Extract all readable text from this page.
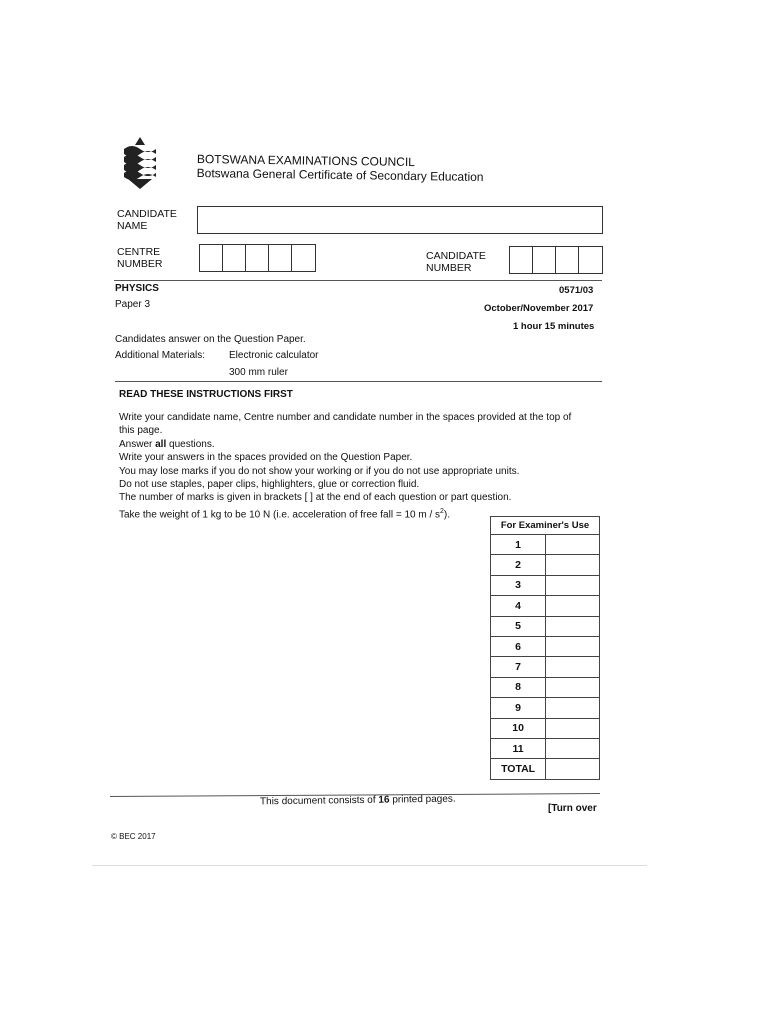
BOTSWANA EXAMINATIONS COUNCIL
Botswana General Certificate of Secondary Education
CANDIDATE
NAME
CENTRE
NUMBER
CANDIDATE
NUMBER
PHYSICS	0571/03
Paper 3	October/November 2017
1 hour 15 minutes
Candidates answer on the Question Paper.
Additional Materials: Electronic calculator
300 mm ruler
READ THESE INSTRUCTIONS FIRST
Write your candidate name, Centre number and candidate number in the spaces provided at the top of
this page.
Answer all questions.
Write your answers in the spaces provided on the Question Paper.
You may lose marks if you do not show your working or if you do not use appropriate units.
Do not use staples, paper clips, highlighters, glue or correction fluid.
The number of marks is given in brackets [ ] at the end of each question or part question.
Take the weight of 1 kg to be 10 N (i.e. acceleration of free fall = 10 m / $s^2$).
For Examiner's Use	
1	
2	
3	
4	
5	
6	
7	
8	
9	
10	
11	
TOTAL	
This document consists of 16 printed pages.
[Turn over
© BEC 2017
